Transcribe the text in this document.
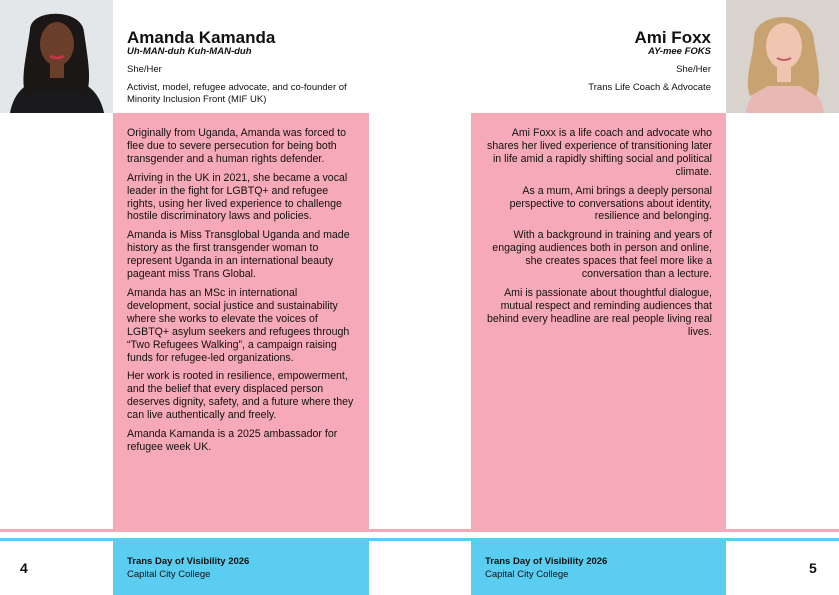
Amanda Kamanda
Uh-MAN-duh Kuh-MAN-duh
She/Her
Activist, model, refugee advocate, and co-founder of Minority Inclusion Front (MIF UK)
Ami Foxx
AY-mee FOKS
She/Her
Trans Life Coach & Advocate

Originally from Uganda, Amanda was forced to flee due to severe persecution for being both transgender and a human rights defender.

Arriving in the UK in 2021, she became a vocal leader in the fight for LGBTQ+ and refugee rights, using her lived experience to challenge hostile discriminatory laws and policies.

Amanda is Miss Transglobal Uganda and made history as the first transgender woman to represent Uganda in an international beauty pageant miss Trans Global.

Amanda has an MSc in international development, social justice and sustainability where she works to elevate the voices of LGBTQ+ asylum seekers and refugees through “Two Refugees Walking”, a campaign raising funds for refugee-led organizations.

Her work is rooted in resilience, empowerment, and the belief that every displaced person deserves dignity, safety, and a future where they can live authentically and freely.

Amanda Kamanda is a 2025 ambassador for refugee week UK.

Ami Foxx is a life coach and advocate who shares her lived experience of transitioning later in life amid a rapidly shifting social and political climate.

As a mum, Ami brings a deeply personal perspective to conversations about identity, resilience and belonging.

With a background in training and years of engaging audiences both in person and online, she creates spaces that feel more like a conversation than a lecture.

Ami is passionate about thoughtful dialogue, mutual respect and reminding audiences that behind every headline are real people living real lives.

Trans Day of Visibility 2026
Capital City College
Trans Day of Visibility 2026
Capital City College
4	5
